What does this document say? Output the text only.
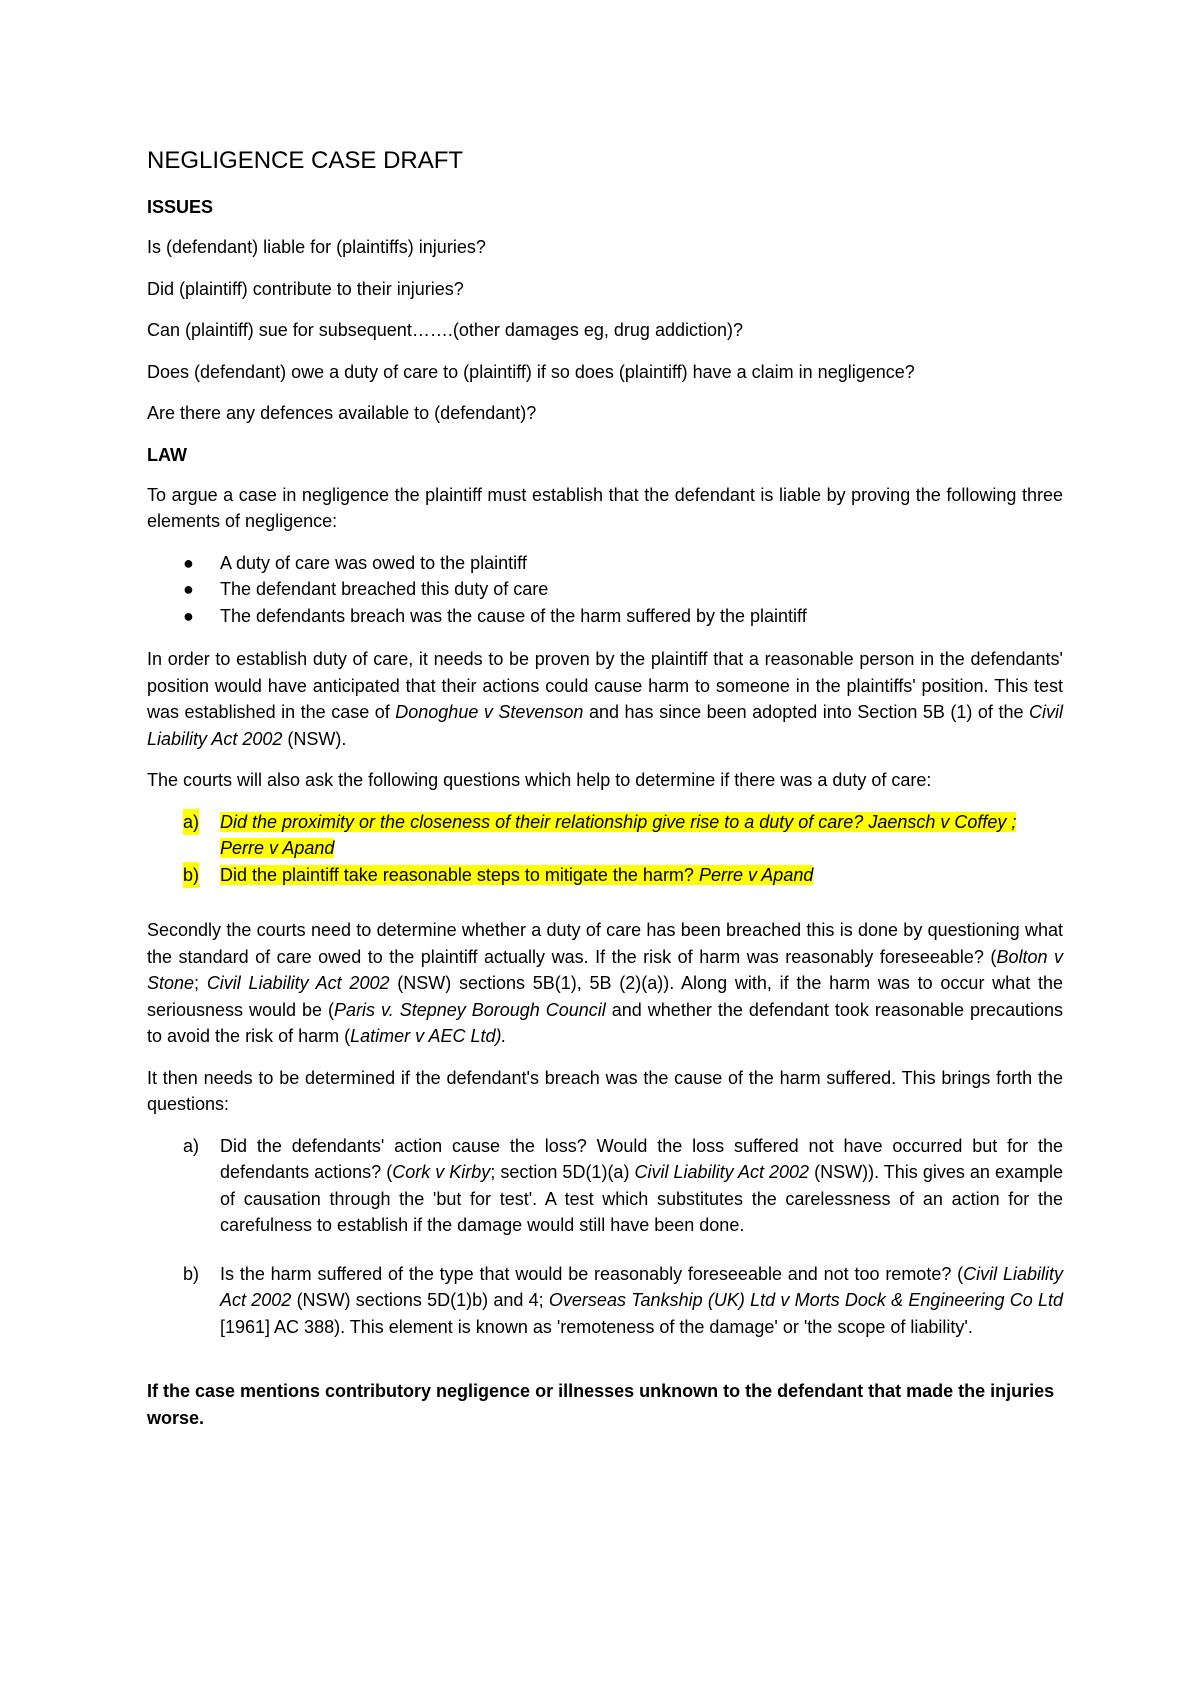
NEGLIGENCE CASE DRAFT
ISSUES

Is (defendant) liable for (plaintiffs) injuries?

Did (plaintiff) contribute to their injuries?

Can (plaintiff) sue for subsequent…….(other damages eg, drug addiction)?

Does (defendant) owe a duty of care to (plaintiff) if so does (plaintiff) have a claim in negligence?

Are there any defences available to (defendant)?

LAW

To argue a case in negligence the plaintiff must establish that the defendant is liable by proving the following three elements of negligence:

● A duty of care was owed to the plaintiff
● The defendant breached this duty of care
● The defendants breach was the cause of the harm suffered by the plaintiff

In order to establish duty of care, it needs to be proven by the plaintiff that a reasonable person in the defendants' position would have anticipated that their actions could cause harm to someone in the plaintiffs' position. This test was established in the case of Donoghue v Stevenson and has since been adopted into Section 5B (1) of the Civil Liability Act 2002 (NSW).

The courts will also ask the following questions which help to determine if there was a duty of care:

a) Did the proximity or the closeness of their relationship give rise to a duty of care? Jaensch v Coffey ; Perre v Apand
b) Did the plaintiff take reasonable steps to mitigate the harm? Perre v Apand

Secondly the courts need to determine whether a duty of care has been breached this is done by questioning what the standard of care owed to the plaintiff actually was. If the risk of harm was reasonably foreseeable? (Bolton v Stone; Civil Liability Act 2002 (NSW) sections 5B(1), 5B (2)(a)). Along with, if the harm was to occur what the seriousness would be (Paris v. Stepney Borough Council and whether the defendant took reasonable precautions to avoid the risk of harm (Latimer v AEC Ltd).

It then needs to be determined if the defendant's breach was the cause of the harm suffered. This brings forth the questions:

a) Did the defendants' action cause the loss? Would the loss suffered not have occurred but for the defendants actions? (Cork v Kirby; section 5D(1)(a) Civil Liability Act 2002 (NSW)). This gives an example of causation through the 'but for test'. A test which substitutes the carelessness of an action for the carefulness to establish if the damage would still have been done.
b) Is the harm suffered of the type that would be reasonably foreseeable and not too remote? (Civil Liability Act 2002 (NSW) sections 5D(1)b) and 4; Overseas Tankship (UK) Ltd v Morts Dock & Engineering Co Ltd [1961] AC 388). This element is known as 'remoteness of the damage' or 'the scope of liability'.

If the case mentions contributory negligence or illnesses unknown to the defendant that made the injuries worse.
